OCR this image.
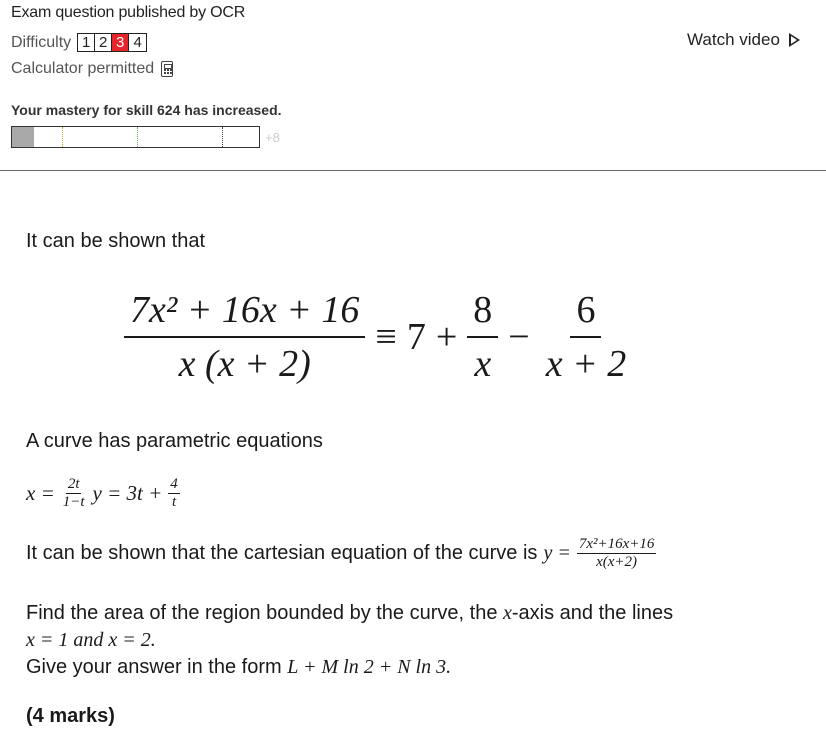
Exam question published by OCR
Difficulty 1 2 3 4
Calculator permitted
Watch video
Your mastery for skill 624 has increased.
+8
It can be shown that
$\frac{\text{7x² + 16x + 16}}{x (x + 2)} \equiv 7 + \frac{8}{x} - \frac{6}{x + 2}$
A curve has parametric equations
$x = \frac{2t}{1-t}$ $y = 3t + \frac{4}{t}$
It can be shown that the cartesian equation of the curve is $y = \frac{\text{7x²+16x+16}}{x(x+2)}$
Find the area of the region bounded by the curve, the x-axis and the lines
x = 1 and x = 2.
Give your answer in the form L + M ln 2 + N ln 3.
(4 marks)
